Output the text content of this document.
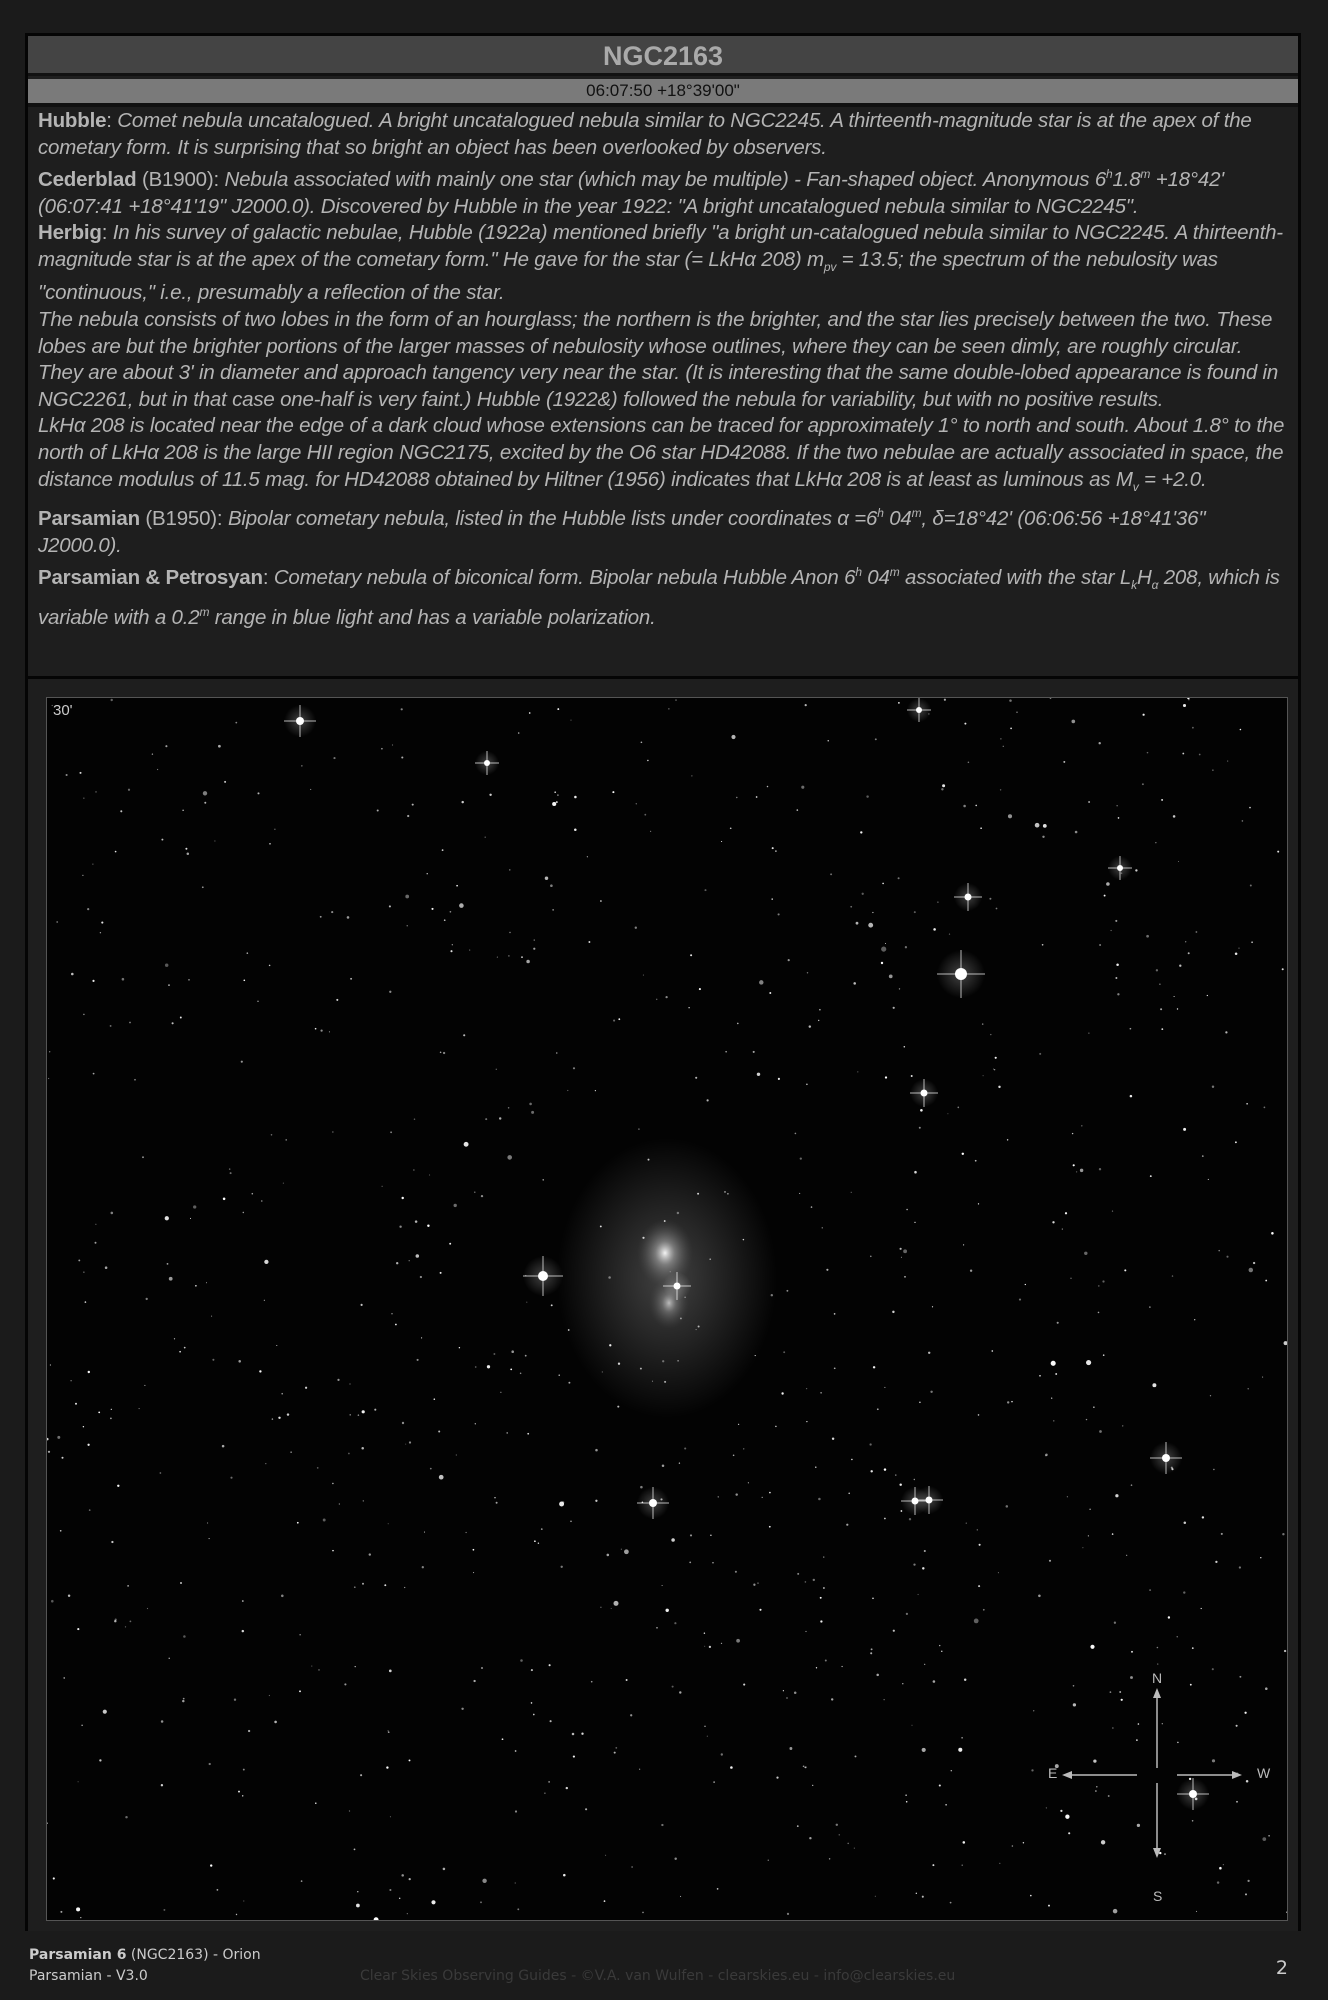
NGC2163
06:07:50 +18°39'00"

Hubble: Comet nebula uncatalogued. A bright uncatalogued nebula similar to NGC2245. A thirteenth-magnitude star is at the apex of the cometary form. It is surprising that so bright an object has been overlooked by observers.

Cederblad (B1900): Nebula associated with mainly one star (which may be multiple) - Fan-shaped object. Anonymous $6^h1.8^m +18^\circ 42'$ (06:07:41 +18°41'19" J2000.0). Discovered by Hubble in the year 1922: "A bright uncatalogued nebula similar to NGC2245".

Herbig: In his survey of galactic nebulae, Hubble (1922a) mentioned briefly "a bright un-catalogued nebula similar to NGC2245. A thirteenth-magnitude star is at the apex of the cometary form." He gave for the star (= LkHα 208) $m_{pv} = 13.5$; the spectrum of the nebulosity was "continuous," i.e., presumably a reflection of the star.

The nebula consists of two lobes in the form of an hourglass; the northern is the brighter, and the star lies precisely between the two. These lobes are but the brighter portions of the larger masses of nebulosity whose outlines, where they can be seen dimly, are roughly circular. They are about 3' in diameter and approach tangency very near the star. (It is interesting that the same double-lobed appearance is found in NGC2261, but in that case one-half is very faint.) Hubble (1922&) followed the nebula for variability, but with no positive results.

LkHα 208 is located near the edge of a dark cloud whose extensions can be traced for approximately 1° to north and south. About 1.8° to the north of LkHα 208 is the large HII region NGC2175, excited by the O6 star HD42088. If the two nebulae are actually associated in space, the distance modulus of 11.5 mag. for HD42088 obtained by Hiltner (1956) indicates that LkHα 208 is at least as luminous as $M_v = +2.0$.

Parsamian (B1950): Bipolar cometary nebula, listed in the Hubble lists under coordinates $\alpha =6^h$ 04$^m$, δ=18°42' (06:06:56 +18°41'36" J2000.0).

Parsamian & Petrosyan: Cometary nebula of biconical form. Bipolar nebula Hubble Anon 6$^h$ 04$^m$ associated with the star $L_kH_\alpha$ 208, which is variable with a 0.2$^m$ range in blue light and has a variable polarization.

30'
N
S
E	W
Parsamian 6 (NGC2163) - Orion
Parsamian - V3.0	Clear Skies Observing Guides - ©V.A. van Wulfen - clearskies.eu - info@clearskies.eu	2
